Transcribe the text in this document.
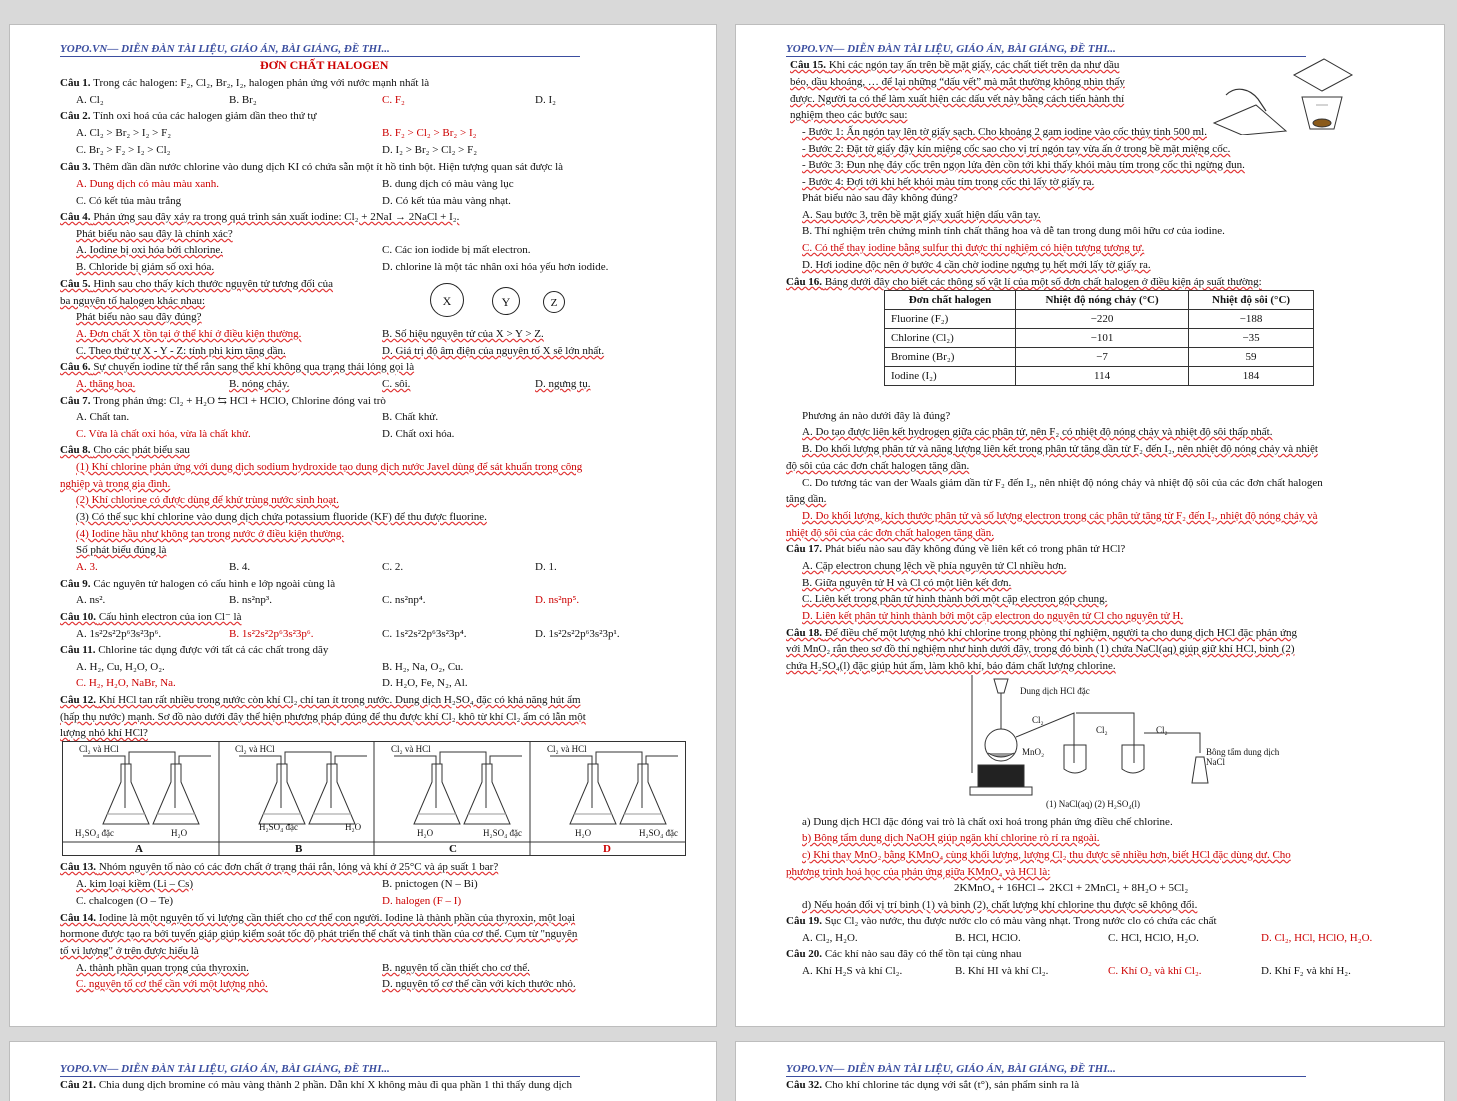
YOPO.VN— DIỄN ĐÀN TÀI LIỆU, GIÁO ÁN, BÀI GIẢNG, ĐỀ THI...
ĐƠN CHẤT HALOGEN
Câu 1. Trong các halogen: F₂, Cl₂, Br₂, I₂, halogen phản ứng với nước mạnh nhất là
A. Cl₂	B. Br₂	C. F₂	D. I₂
Câu 2. Tính oxi hoá của các halogen giảm dần theo thứ tự
A. Cl₂ > Br₂ > I₂ > F₂	B. F₂ > Cl₂ > Br₂ > I₂
C. Br₂ > F₂ > I₂ > Cl₂	D. I₂ > Br₂ > Cl₂ > F₂
Câu 3. Thêm dần dần nước chlorine vào dung dịch KI có chứa sẵn một ít hồ tinh bột. Hiện tượng quan sát được là
A. Dung dịch có màu màu xanh.	B. dung dịch có màu vàng lục
C. Có kết tủa màu trắng	D. Có kết tủa màu vàng nhạt.
Câu 4. Phản ứng sau đây xảy ra trong quá trình sản xuất iodine: Cl₂ + 2NaI → 2NaCl + I₂.
Phát biểu nào sau đây là chính xác?
A. Iodine bị oxi hóa bởi chlorine.	C. Các ion iodide bị mất electron.
B. Chloride bị giảm số oxi hóa.	D. chlorine là một tác nhân oxi hóa yếu hơn iodide.
Câu 5. Hình sau cho thấy kích thước nguyên tử tương đối của
ba nguyên tố halogen khác nhau:
Phát biểu nào sau đây đúng?
X	Y	Z
A. Đơn chất X tồn tại ở thể khí ở điều kiện thường.	B. Số hiệu nguyên tử của X > Y > Z.
C. Theo thứ tự X - Y - Z: tính phi kim tăng dần.	D. Giá trị độ âm điện của nguyên tố X sẽ lớn nhất.
Câu 6. Sự chuyển iodine từ thể rắn sang thể khí không qua trạng thái lỏng gọi là
A. thăng hoa.	B. nóng chảy.	C. sôi.	D. ngưng tụ.
Câu 7. Trong phản ứng: Cl₂ + H₂O ⇆ HCl + HClO, Chlorine đóng vai trò
A. Chất tan.	B. Chất khử.
C. Vừa là chất oxi hóa, vừa là chất khử.	D. Chất oxi hóa.
Câu 8. Cho các phát biểu sau
(1) Khí chlorine phản ứng với dung dịch sodium hydroxide tạo dung dịch nước Javel dùng để sát khuẩn trong công
nghiệp và trong gia đình.
(2) Khí chlorine có được dùng để khử trùng nước sinh hoạt.
(3) Có thể sục khí chlorine vào dung dịch chứa potassium fluoride (KF) để thu được fluorine.
(4) Iodine hầu như không tan trong nước ở điều kiện thường.
Số phát biểu đúng là
A. 3.	B. 4.	C. 2.	D. 1.
Câu 9. Các nguyên tử halogen có cấu hình e lớp ngoài cùng là
A. ns².	B. ns²np³.	C. ns²np⁴.	D. ns²np⁵.
Câu 10. Cấu hình electron của ion Cl⁻ là
A. 1s²2s²2p⁶3s²3p⁶.	B. 1s²2s²2p⁶3s²3p⁶.	C. 1s²2s²2p⁶3s²3p⁴.	D. 1s²2s²2p⁶3s²3p¹.
Câu 11. Chlorine tác dụng được với tất cả các chất trong dãy
A. H₂, Cu, H₂O, O₂.	B. H₂, Na, O₂, Cu.
C. H₂, H₂O, NaBr, Na.	D. H₂O, Fe, N₂, Al.
Câu 12. Khí HCl tan rất nhiều trong nước còn khí Cl₂ chỉ tan ít trong nước. Dung dịch H₂SO₄ đặc có khả năng hút ẩm
(hấp thụ nước) mạnh. Sơ đồ nào dưới đây thể hiện phương pháp đúng để thu được khí Cl₂ khô từ khí Cl₂ ẩm có lẫn một
lượng nhỏ khí HCl?
Cl₂ và HCl
H₂SO₄ đặc	H₂O
Cl₂ và HCl
H₂SO₄ đặc	H₂O
Cl₂ và HCl
H₂O	H₂SO₄ đặc
Cl₂ và HCl
H₂O	H₂SO₄ đặc
A	B	C	D
Câu 13. Nhóm nguyên tố nào có các đơn chất ở trạng thái rắn, lỏng và khí ở 25°C và áp suất 1 bar?
A. kim loại kiềm (Li – Cs)	B. pnictogen (N – Bi)
C. chalcogen (O – Te)	D. halogen (F – I)
Câu 14. Iodine là một nguyên tố vi lượng cần thiết cho cơ thể con người. Iodine là thành phần của thyroxin, một loại
hormone được tạo ra bởi tuyến giáp giúp kiểm soát tốc độ phát triển thể chất và tinh thần của cơ thể. Cụm từ "nguyên
tố vi lượng" ở trên được hiểu là
A. thành phần quan trọng của thyroxin.	B. nguyên tố cần thiết cho cơ thể.
C. nguyên tố cơ thể cần với một lượng nhỏ.	D. nguyên tố cơ thể cần với kích thước nhỏ.
YOPO.VN— DIỄN ĐÀN TÀI LIỆU, GIÁO ÁN, BÀI GIẢNG, ĐỀ THI...
Câu 15. Khi các ngón tay ấn trên bề mặt giấy, các chất tiết trên da như dầu
béo, dầu khoáng, … để lại những “dấu vết” mà mắt thường không nhìn thấy
được. Người ta có thể làm xuất hiện các dấu vết này bằng cách tiến hành thí
nghiệm theo các bước sau:
- Bước 1: Ấn ngón tay lên tờ giấy sạch. Cho khoảng 2 gam iodine vào cốc thủy tinh 500 ml.
- Bước 2: Đặt tờ giấy đậy kín miệng cốc sao cho vị trí ngón tay vừa ấn ở trong bề mặt miệng cốc.
- Bước 3: Đun nhẹ đáy cốc trên ngọn lửa đèn cồn tới khi thấy khói màu tím trong cốc thì ngừng đun.
- Bước 4: Đợi tới khi hết khói màu tím trong cốc thì lấy tờ giấy ra.
Phát biểu nào sau đây không đúng?
A. Sau bước 3, trên bề mặt giấy xuất hiện dấu vân tay.
B. Thí nghiệm trên chứng minh tính chất thăng hoa và dễ tan trong dung môi hữu cơ của iodine.
C. Có thể thay iodine bằng sulfur thì được thí nghiệm có hiện tượng tương tự.
D. Hơi iodine độc nên ở bước 4 cần chờ iodine ngưng tụ hết mới lấy tờ giấy ra.
Câu 16. Bảng dưới đây cho biết các thông số vật lí của một số đơn chất halogen ở điều kiện áp suất thường:
Đơn chất halogen	Nhiệt độ nóng chảy (°C)	Nhiệt độ sôi (°C)
Fluorine (F₂)	−220	−188
Chlorine (Cl₂)	−101	−35
Bromine (Br₂)	−7	59
Iodine (I₂)	114	184
Phương án nào dưới đây là đúng?
A. Do tạo được liên kết hydrogen giữa các phân tử, nên F₂ có nhiệt độ nóng chảy và nhiệt độ sôi thấp nhất.
B. Do khối lượng phân tử và năng lượng liên kết trong phân tử tăng dần từ F₂ đến I₂, nên nhiệt độ nóng chảy và nhiệt
độ sôi của các đơn chất halogen tăng dần.
C. Do tương tác van der Waals giảm dần từ F₂ đến I₂, nên nhiệt độ nóng chảy và nhiệt độ sôi của các đơn chất halogen
tăng dần.
D. Do khối lượng, kích thước phân tử và số lượng electron trong các phân tử tăng từ F₂ đến I₂, nhiệt độ nóng chảy và
nhiệt độ sôi của các đơn chất halogen tăng dần.
Câu 17. Phát biểu nào sau đây không đúng về liên kết có trong phân tử HCl?
A. Cặp electron chung lệch về phía nguyên tử Cl nhiều hơn.
B. Giữa nguyên tử H và Cl có một liên kết đơn.
C. Liên kết trong phân tử hình thành bởi một cặp electron góp chung.
D. Liên kết phân tử hình thành bởi một cặp electron do nguyên tử Cl cho nguyên tử H.
Câu 18. Để điều chế một lượng nhỏ khí chlorine trong phòng thí nghiệm, người ta cho dung dịch HCl đặc phản ứng
với MnO₂ rắn theo sơ đồ thí nghiệm như hình dưới đây, trong đó bình (1) chứa NaCl(aq) giúp giữ khí HCl, bình (2)
chứa H₂SO₄(l) đặc giúp hút ẩm, làm khô khí, bảo đảm chất lượng chlorine.
Dung dịch HCl đặc
Cl₂
Cl₂	Cl₂
MnO₂	Bông tẩm dung dịch NaCl
(1) NaCl(aq) (2) H₂SO₄(l)
a) Dung dịch HCl đặc đóng vai trò là chất oxi hoá trong phản ứng điều chế chlorine.
b) Bông tẩm dung dịch NaOH giúp ngăn khí chlorine rò rỉ ra ngoài.
c) Khi thay MnO₂ bằng KMnO₄ cùng khối lượng, lượng Cl₂ thu được sẽ nhiều hơn, biết HCl đặc dùng dư. Cho
phương trình hoá học của phản ứng giữa KMnO₄ và HCl là:
2KMnO₄ + 16HCl→ 2KCl + 2MnCl₂ + 8H₂O + 5Cl₂
d) Nếu hoán đổi vị trí bình (1) và bình (2), chất lượng khí chlorine thu được sẽ không đổi.
Câu 19. Sục Cl₂ vào nước, thu được nước clo có màu vàng nhạt. Trong nước clo có chứa các chất
A. Cl₂, H₂O.	B. HCl, HClO.	C. HCl, HClO, H₂O.	D. Cl₂, HCl, HClO, H₂O.
Câu 20. Các khí nào sau đây có thể tồn tại cùng nhau
A. Khí H₂S và khí Cl₂.	B. Khí HI và khí Cl₂.	C. Khí O₂ và khí Cl₂.	D. Khí F₂ và khí H₂.
YOPO.VN— DIỄN ĐÀN TÀI LIỆU, GIÁO ÁN, BÀI GIẢNG, ĐỀ THI...
Câu 21. Chia dung dịch bromine có màu vàng thành 2 phần. Dẫn khí X không màu đi qua phần 1 thì thấy dung dịch
YOPO.VN— DIỄN ĐÀN TÀI LIỆU, GIÁO ÁN, BÀI GIẢNG, ĐỀ THI...
Câu 32. Cho khí chlorine tác dụng với sắt (t°), sản phẩm sinh ra là
